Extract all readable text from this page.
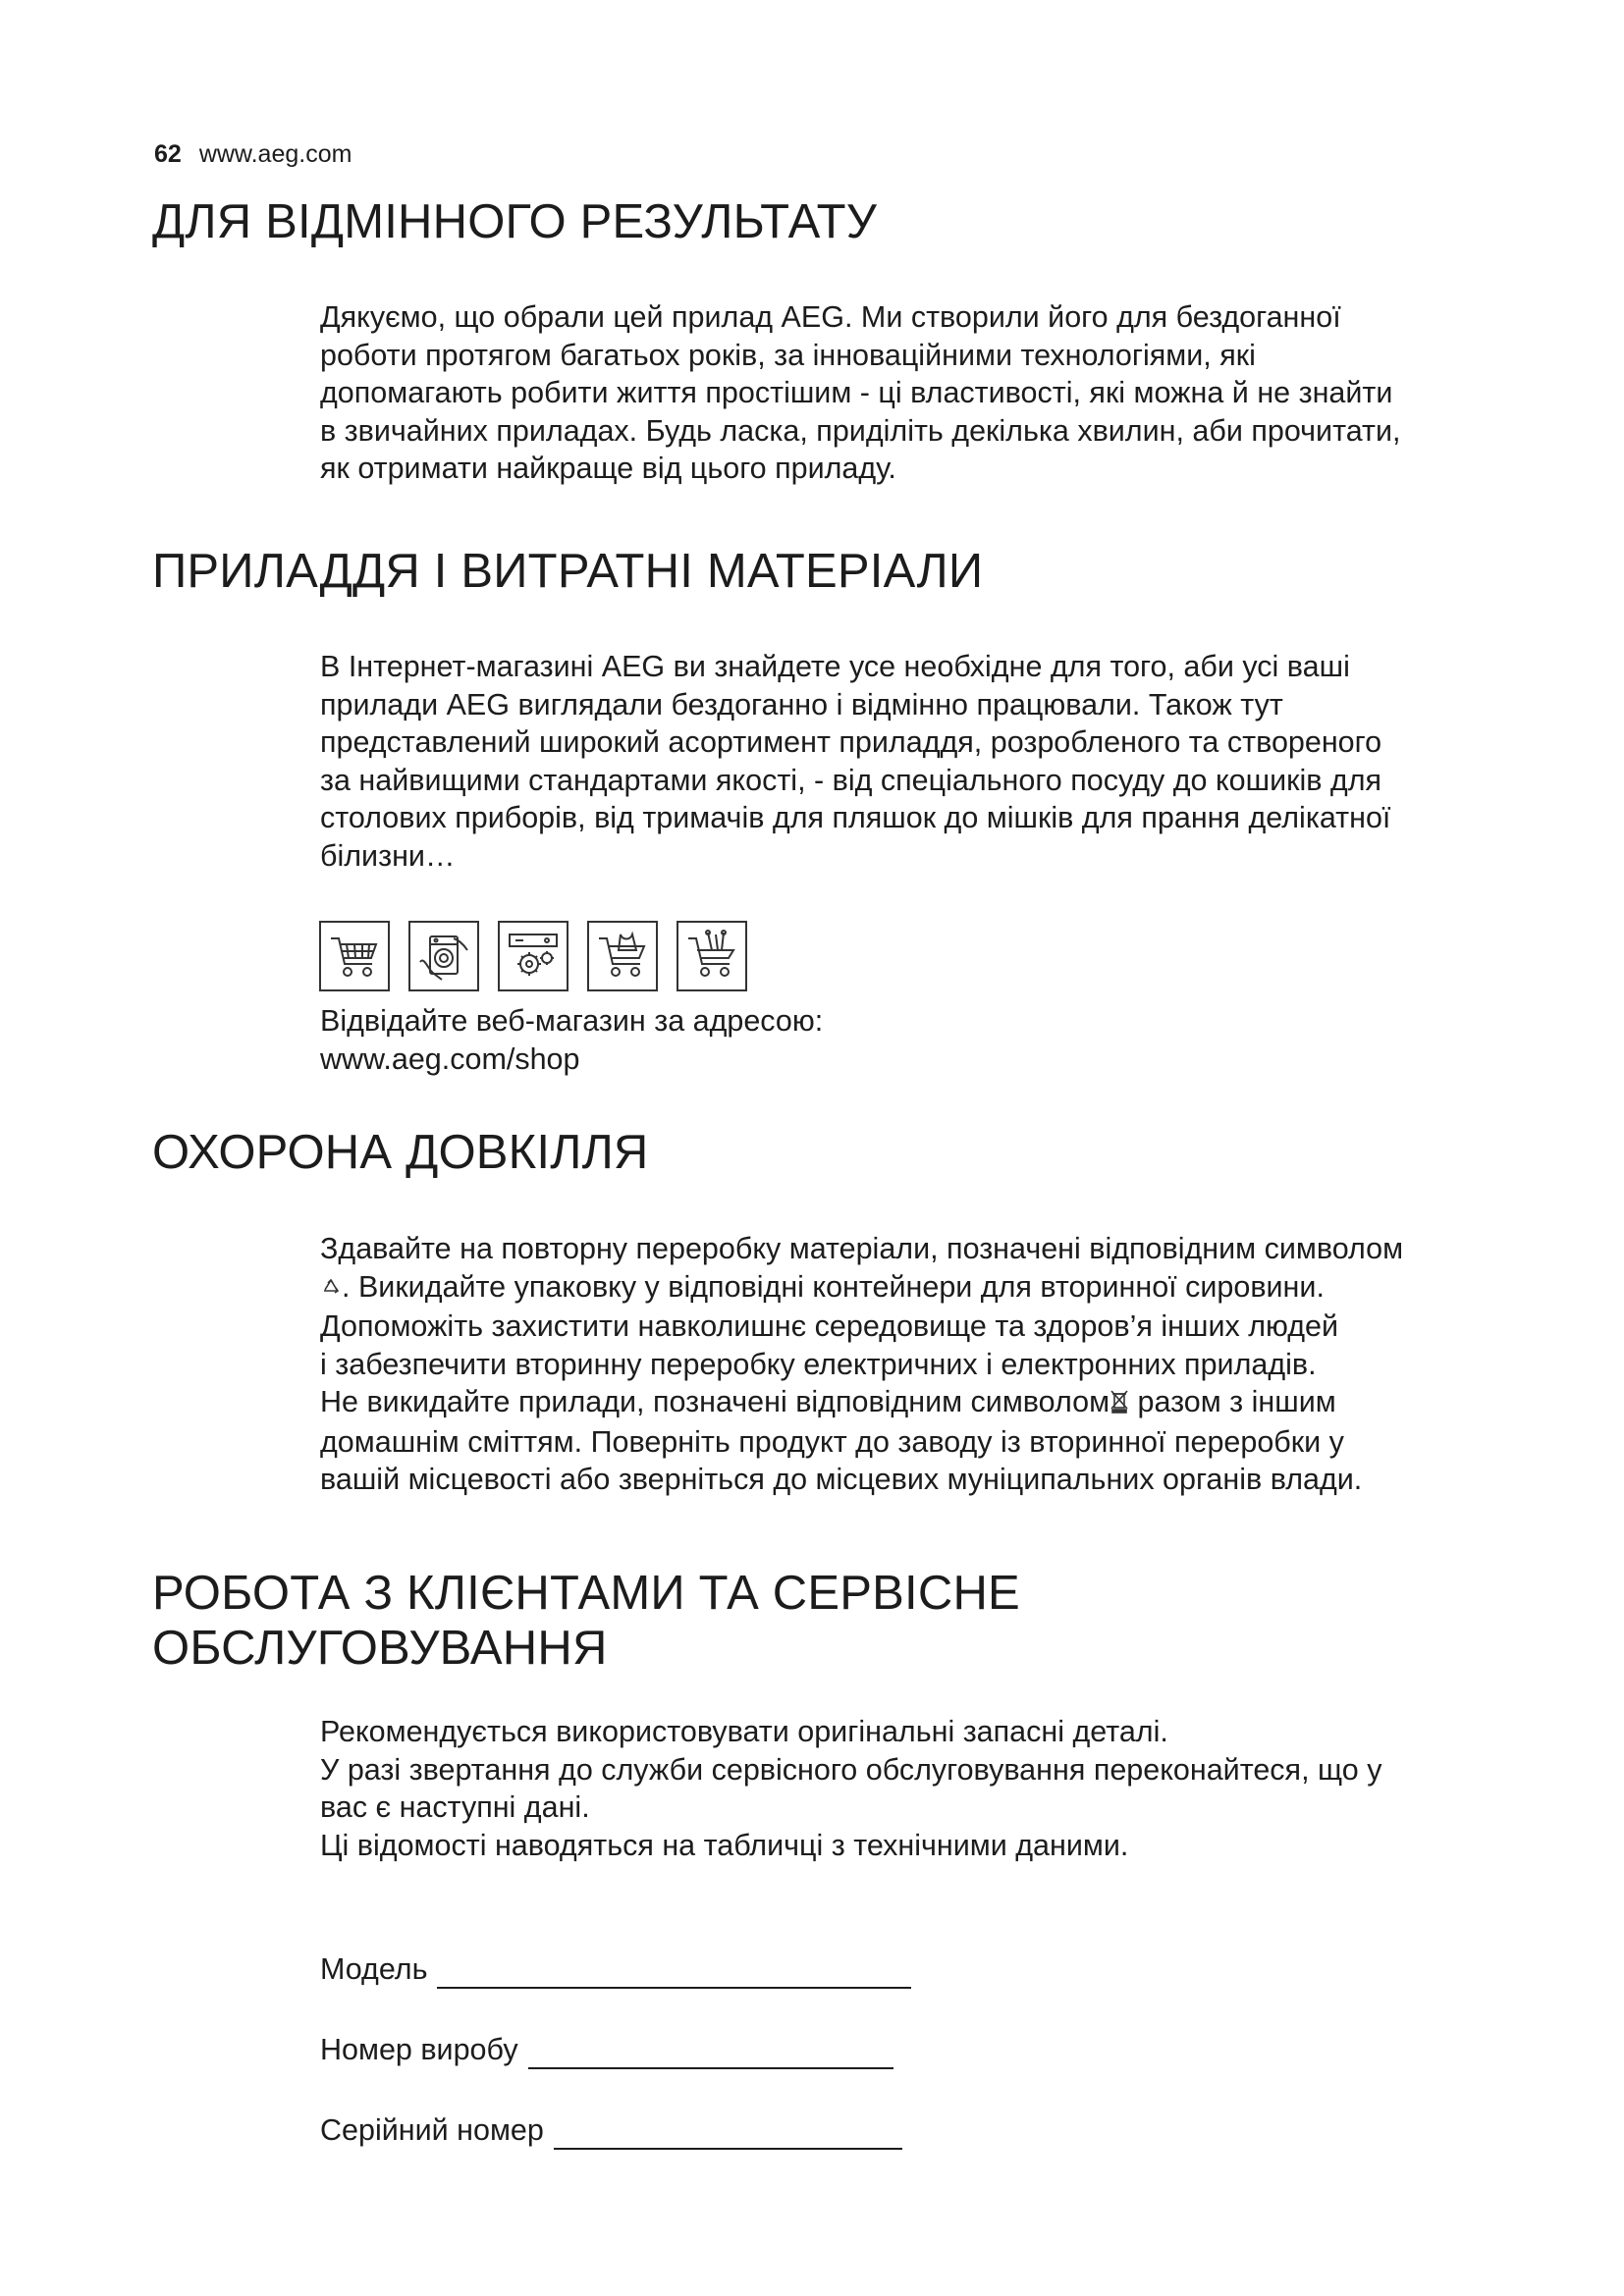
62 www.aeg.com
ДЛЯ ВІДМІННОГО РЕЗУЛЬТАТУ
Дякуємо, що обрали цей прилад AEG. Ми створили його для бездоганної
роботи протягом багатьох років, за інноваційними технологіями, які
допомагають робити життя простішим - ці властивості, які можна й не знайти
в звичайних приладах. Будь ласка, приділіть декілька хвилин, аби прочитати,
як отримати найкраще від цього приладу.
ПРИЛАДДЯ І ВИТРАТНІ МАТЕРІАЛИ
В Інтернет-магазині AEG ви знайдете усе необхідне для того, аби усі ваші
прилади AEG виглядали бездоганно і відмінно працювали. Також тут
представлений широкий асортимент приладдя, розробленого та створеного
за найвищими стандартами якості, - від спеціального посуду до кошиків для
столових приборів, від тримачів для пляшок до мішків для прання делікатної
білизни…
Відвідайте веб-магазин за адресою:
www.aeg.com/shop
ОХОРОНА ДОВКІЛЛЯ
Здавайте на повторну переробку матеріали, позначені відповідним символом
. Викидайте упаковку у відповідні контейнери для вторинної сировини.
Допоможіть захистити навколишнє середовище та здоров’я інших людей
і забезпечити вторинну переробку електричних і електронних приладів.
Не викидайте прилади, позначені відповідним символом разом з іншим
домашнім сміттям. Поверніть продукт до заводу із вторинної переробки у
вашій місцевості або зверніться до місцевих муніципальних органів влади.
РОБОТА З КЛІЄНТАМИ ТА СЕРВІСНЕ
ОБСЛУГОВУВАННЯ
Рекомендується використовувати оригінальні запасні деталі.
У разі звертання до служби сервісного обслуговування переконайтеся, що у
вас є наступні дані.
Ці відомості наводяться на табличці з технічними даними.
Модель
Номер виробу
Серійний номер
